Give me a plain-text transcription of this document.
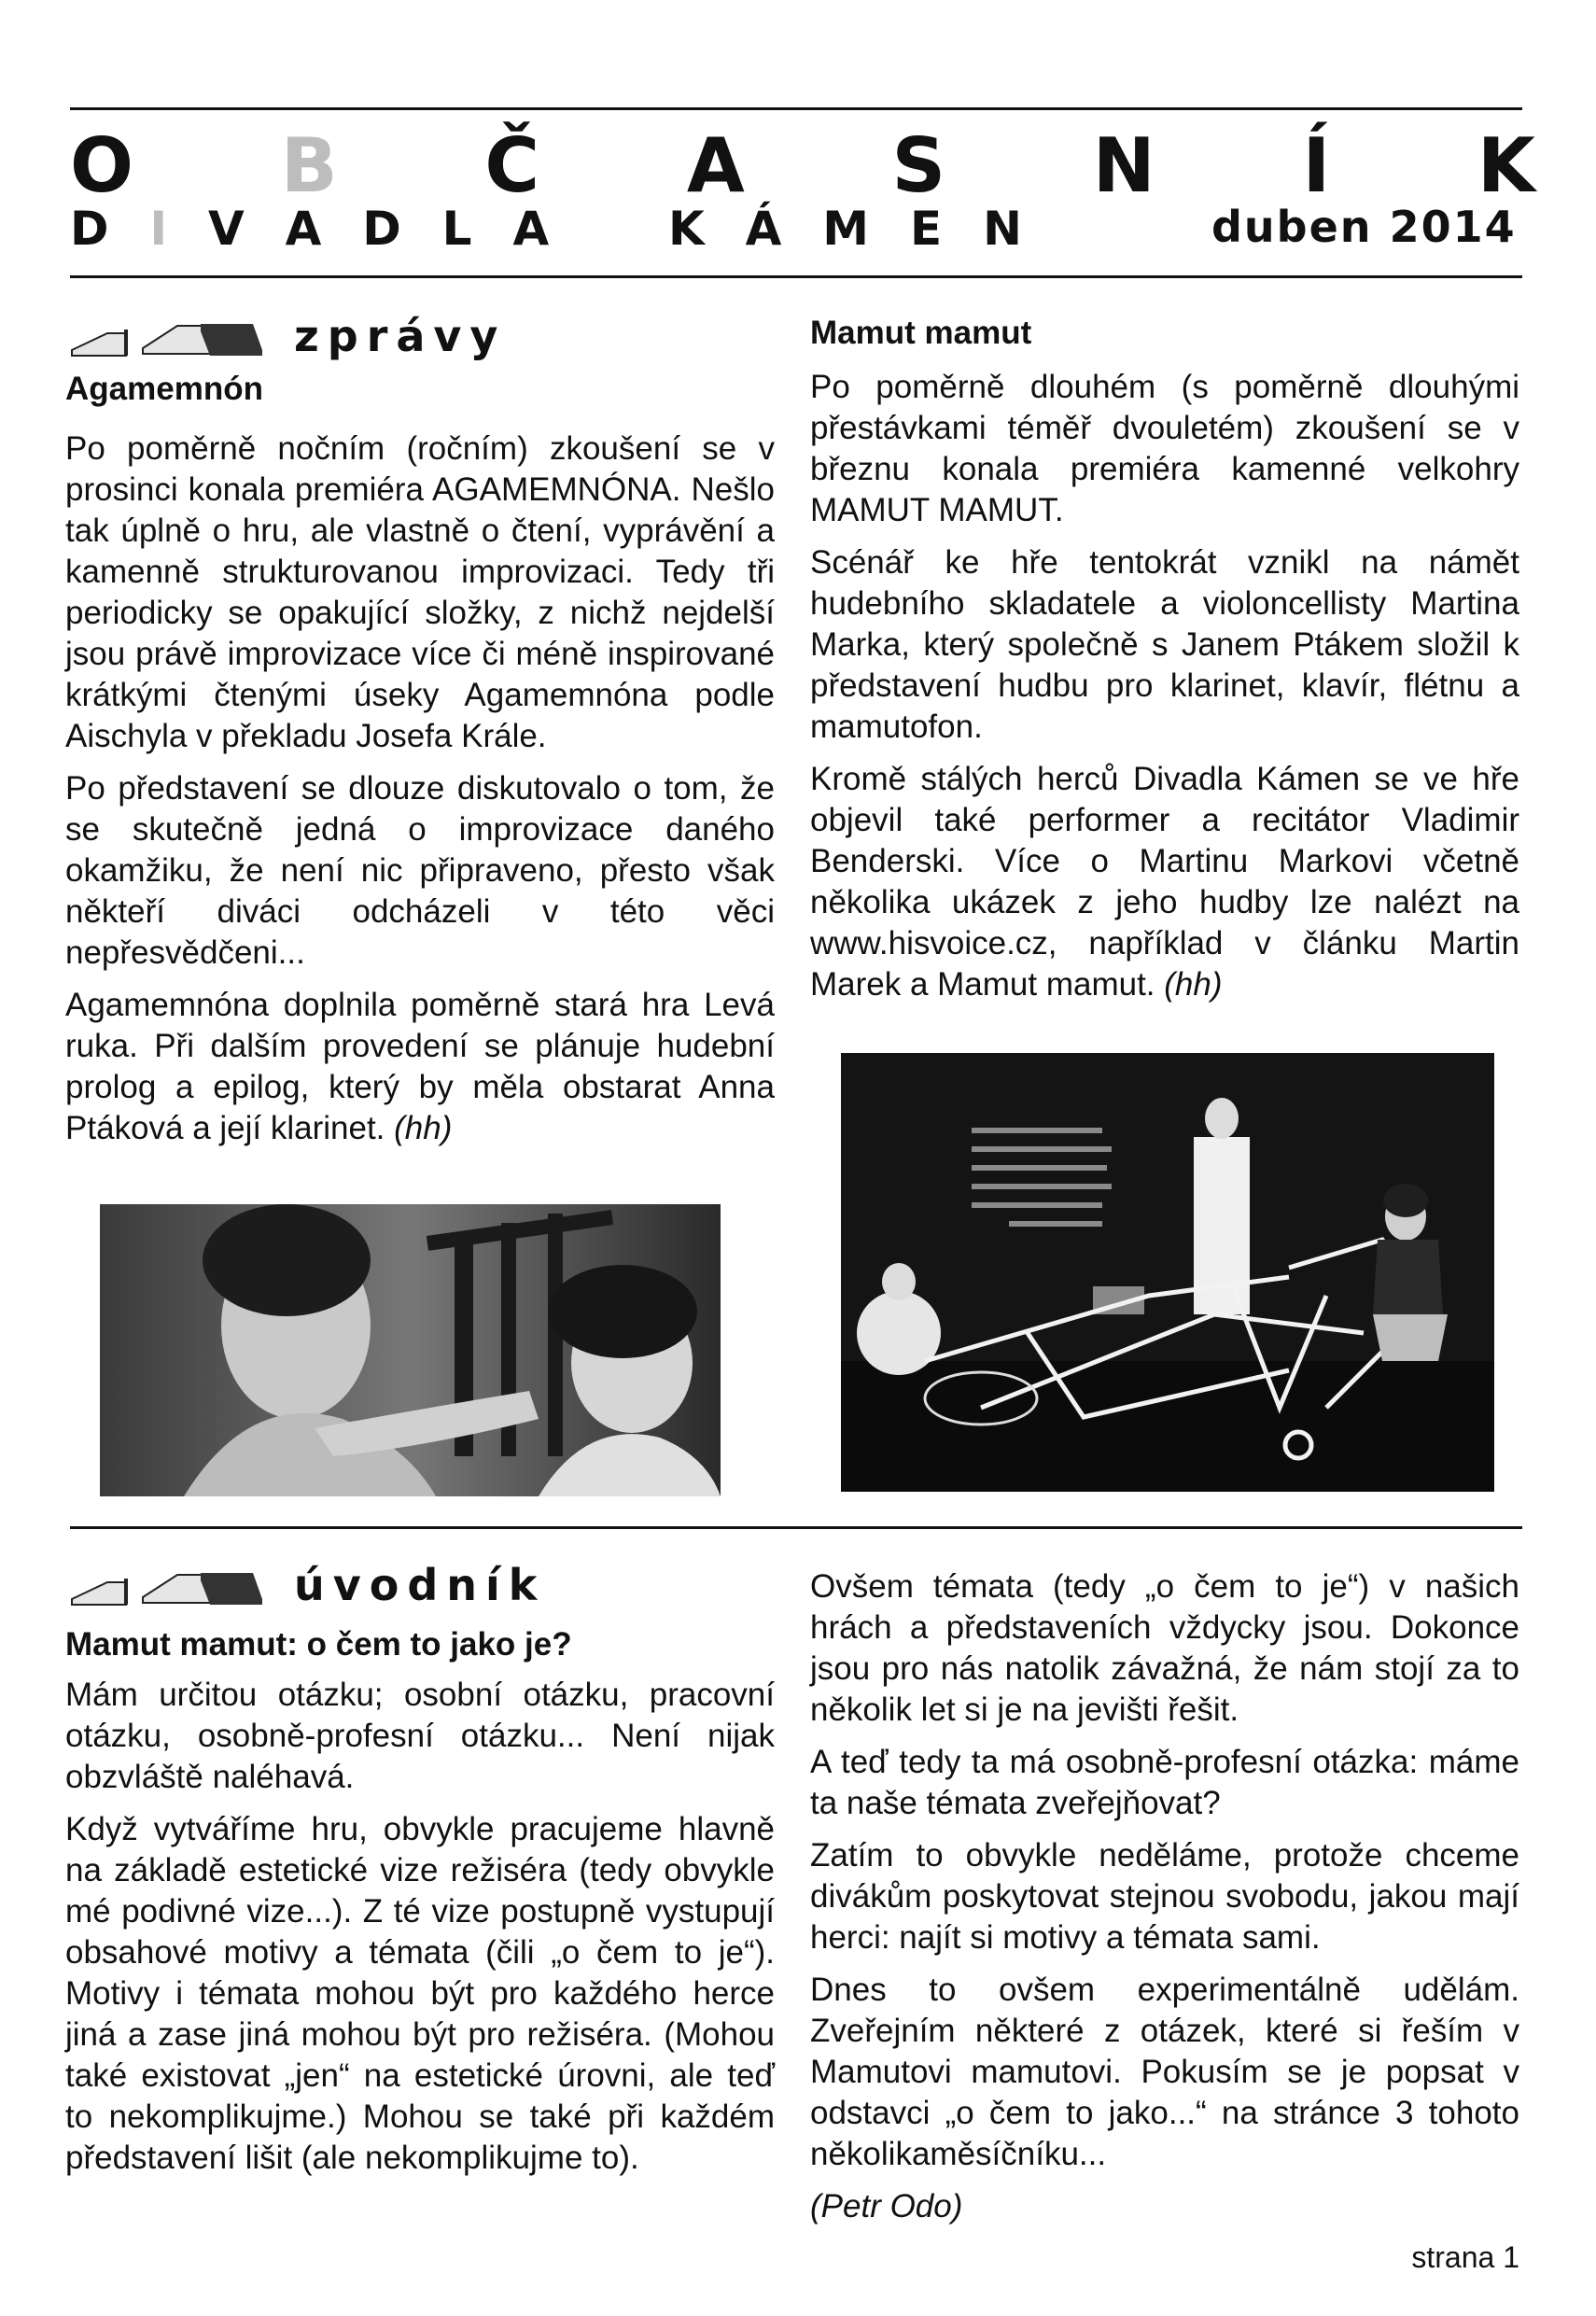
O B Č A S N Í K
D I V A D L A	K Á M E N	duben 2014
zprávy
Agamemnón

Po poměrně nočním (ročním) zkoušení se v prosinci konala premiéra AGAMEMNÓNA. Nešlo tak úplně o hru, ale vlastně o čtení, vyprávění a kamenně strukturovanou improvizaci. Tedy tři periodicky se opakující složky, z nichž nejdelší jsou právě improvizace více či méně inspirované krátkými čtenými úseky Agamemnóna podle Aischyla v překladu Josefa Krále.

Po představení se dlouze diskutovalo o tom, že se skutečně jedná o improvizace daného okamžiku, že není nic připraveno, přesto však někteří diváci odcházeli v této věci nepřesvědčeni...

Agamemnóna doplnila poměrně stará hra Levá ruka. Při dalším provedení se plánuje hudební prolog a epilog, který by měla obstarat Anna Ptáková a její klarinet. (hh)

Mamut mamut

Po poměrně dlouhém (s poměrně dlouhými přestávkami téměř dvouletém) zkoušení se v březnu konala premiéra kamenné velkohry MAMUT MAMUT.

Scénář ke hře tentokrát vznikl na námět hudebního skladatele a violoncellisty Martina Marka, který společně s Janem Ptákem složil k představení hudbu pro klarinet, klavír, flétnu a mamutofon.

Kromě stálých herců Divadla Kámen se ve hře objevil také performer a recitátor Vladimir Benderski. Více o Martinu Markovi včetně několika ukázek z jeho hudby lze nalézt na www.hisvoice.cz, například v článku Martin Marek a Mamut mamut. (hh)

úvodník
Mamut mamut: o čem to jako je?

Mám určitou otázku; osobní otázku, pracovní otázku, osobně-profesní otázku... Není nijak obzvláště naléhavá.

Když vytváříme hru, obvykle pracujeme hlavně na základě estetické vize režiséra (tedy obvykle mé podivné vize...). Z té vize postupně vystupují obsahové motivy a témata (čili „o čem to je“). Motivy i témata mohou být pro každého herce jiná a zase jiná mohou být pro režiséra. (Mohou také existovat „jen“ na estetické úrovni, ale teď to nekomplikujme.) Mohou se také při každém představení lišit (ale nekomplikujme to).

Ovšem témata (tedy „o čem to je“) v našich hrách a představeních vždycky jsou. Dokonce jsou pro nás natolik závažná, že nám stojí za to několik let si je na jevišti řešit.

A teď tedy ta má osobně-profesní otázka: máme ta naše témata zveřejňovat?

Zatím to obvykle neděláme, protože chceme divákům poskytovat stejnou svobodu, jakou mají herci: najít si motivy a témata sami.

Dnes to ovšem experimentálně udělám. Zveřejním některé z otázek, které si řeším v Mamutovi mamutovi. Pokusím se je popsat v odstavci „o čem to jako...“ na stránce 3 tohoto několikaměsíčníku...

(Petr Odo)

strana 1
